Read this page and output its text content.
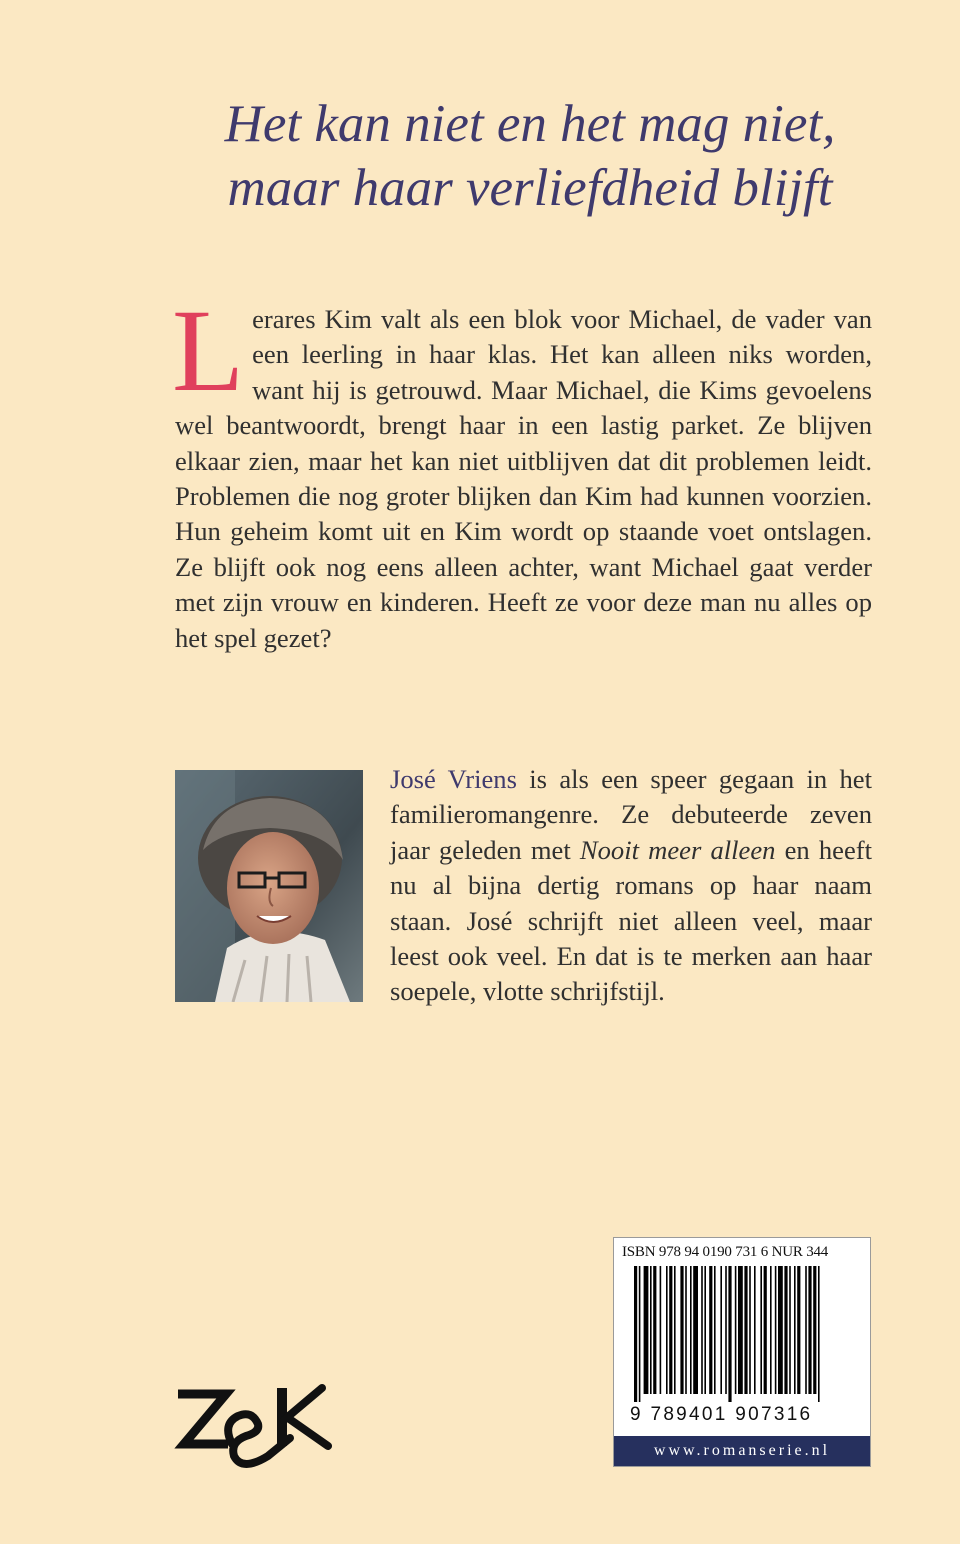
Het kan niet en het mag niet,
maar haar verliefdheid blijft
Lerares Kim valt als een blok voor Michael, de vader van een leerling in haar klas. Het kan alleen niks worden, want hij is getrouwd. Maar Michael, die Kims gevoelens wel beantwoordt, brengt haar in een lastig parket. Ze blijven elkaar zien, maar het kan niet uitblijven dat dit problemen leidt. Problemen die nog groter blijken dan Kim had kunnen voorzien. Hun geheim komt uit en Kim wordt op staande voet ontslagen. Ze blijft ook nog eens alleen achter, want Michael gaat verder met zijn vrouw en kinderen. Heeft ze voor deze man nu alles op het spel gezet?
José Vriens is als een speer gegaan in het familieromangenre. Ze debuteerde zeven jaar geleden met Nooit meer alleen en heeft nu al bijna dertig romans op haar naam staan. José schrijft niet alleen veel, maar leest ook veel. En dat is te merken aan haar soepele, vlotte schrijfstijl.
ISBN 978 94 0190 731 6 NUR 344
9 789401 907316
www.romanserie.nl
